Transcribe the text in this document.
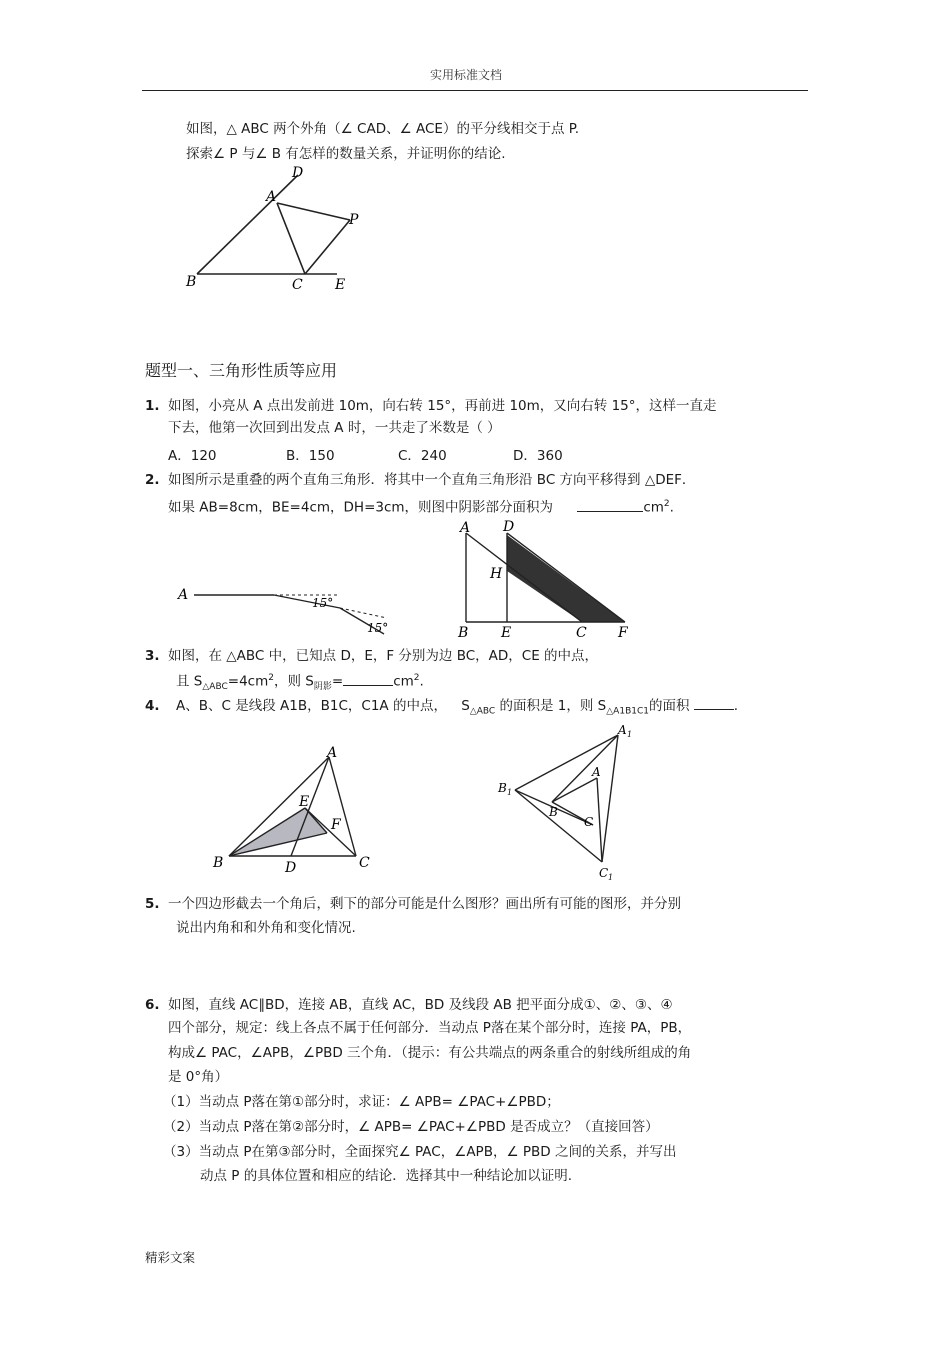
实用标准文档
如图，△ ABC 两个外角（∠ CAD、∠ ACE）的平分线相交于点 P.
探索∠ P 与∠ B 有怎样的数量关系，并证明你的结论.
D
A
P
B	C E
题型一、三角形性质等应用
1. 如图，小亮从 A 点出发前进 10m，向右转 15°，再前进 10m，又向右转 15°，这样一直走
下去，他第一次回到出发点 A 时，一共走了米数是（ ）
A．120	B．150	C．240	D．360
2. 如图所示是重叠的两个直角三角形．将其中一个直角三角形沿 BC 方向平移得到 △DEF．
如果 AB=8cm，BE=4cm，DH=3cm，则图中阴影部分面积为	$cm^2$.
A	15°
15°
A D
H
B E	C F
3. 如图，在 △ABC 中，已知点 D，E，F 分别为边 BC，AD，CE 的中点，
且 $S_{\triangle ABC}=4cm^2$，则 $S_{阴影}=$	$cm^2$.
4. A、B、C 是线段 A1B，B1C，C1A 的中点， $S_{\triangle ABC}$ 的面积是 1，则 $S_{\triangle A1B1C1}$的面积	.
A
E
F
B	D	C
A 1
B 1
C 1
A
B
C
5. 一个四边形截去一个角后，剩下的部分可能是什么图形？画出所有可能的图形，并分别
说出内角和和外角和变化情况.
6. 如图，直线 AC∥BD，连接 AB，直线 AC，BD 及线段 AB 把平面分成①、②、③、④
四个部分，规定：线上各点不属于任何部分．当动点 P落在某个部分时，连接 PA，PB，
构成∠ PAC，∠APB，∠PBD 三个角．（提示：有公共端点的两条重合的射线所组成的角
是 0°角）
（1）当动点 P落在第①部分时，求证：∠ APB= ∠PAC+∠PBD；
（2）当动点 P落在第②部分时，∠ APB= ∠PAC+∠PBD 是否成立？（直接回答）
（3）当动点 P在第③部分时，全面探究∠ PAC，∠APB，∠ PBD 之间的关系，并写出
动点 P 的具体位置和相应的结论．选择其中一种结论加以证明.
精彩文案
